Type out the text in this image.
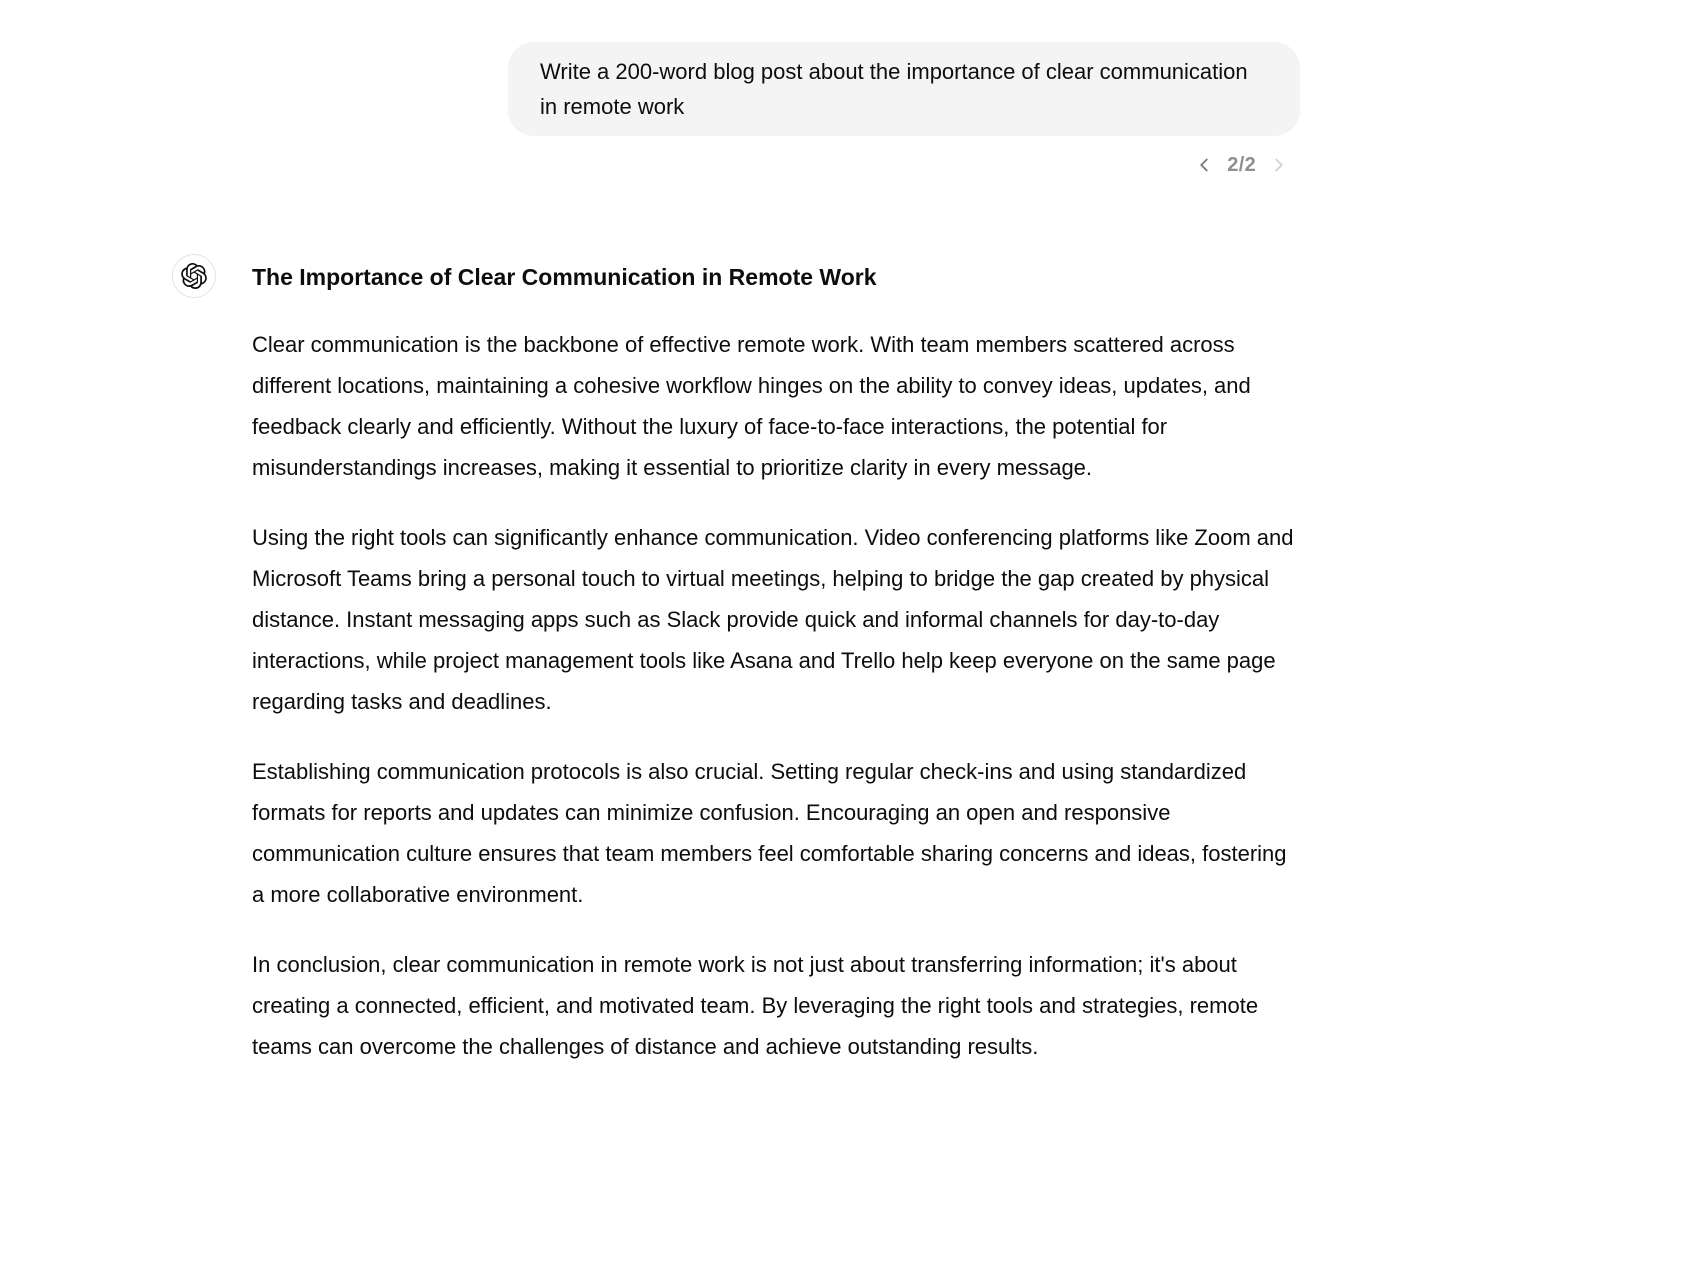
Write a 200-word blog post about the importance of clear communication in remote work
2/2
The Importance of Clear Communication in Remote Work

Clear communication is the backbone of effective remote work. With team members scattered across different locations, maintaining a cohesive workflow hinges on the ability to convey ideas, updates, and feedback clearly and efficiently. Without the luxury of face-to-face interactions, the potential for misunderstandings increases, making it essential to prioritize clarity in every message.

Using the right tools can significantly enhance communication. Video conferencing platforms like Zoom and Microsoft Teams bring a personal touch to virtual meetings, helping to bridge the gap created by physical distance. Instant messaging apps such as Slack provide quick and informal channels for day-to-day interactions, while project management tools like Asana and Trello help keep everyone on the same page regarding tasks and deadlines.

Establishing communication protocols is also crucial. Setting regular check-ins and using standardized formats for reports and updates can minimize confusion. Encouraging an open and responsive communication culture ensures that team members feel comfortable sharing concerns and ideas, fostering a more collaborative environment.

In conclusion, clear communication in remote work is not just about transferring information; it's about creating a connected, efficient, and motivated team. By leveraging the right tools and strategies, remote teams can overcome the challenges of distance and achieve outstanding results.
